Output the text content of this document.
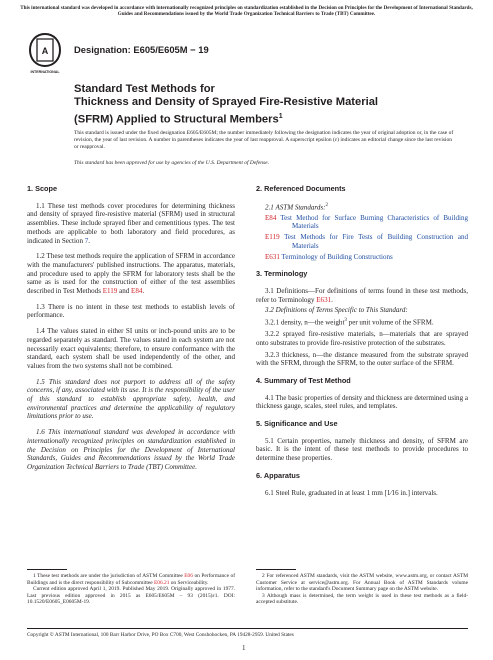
This international standard was developed in accordance with internationally recognized principles on standardization established in the Decision on Principles for the Development of International Standards, Guides and Recommendations issued by the World Trade Organization Technical Barriers to Trade (TBT) Committee.
A
INTERNATIONAL
Designation: E605/E605M − 19
Standard Test Methods for
Thickness and Density of Sprayed Fire-Resistive Material
(SFRM) Applied to Structural Members$^1$
This standard is issued under the fixed designation E605/E605M; the number immediately following the designation indicates the year of original adoption or, in the case of revision, the year of last revision. A number in parentheses indicates the year of last reapproval. A superscript epsilon (ε) indicates an editorial change since the last revision or reapproval.
This standard has been approved for use by agencies of the U.S. Department of Defense.
1. Scope

1.1 These test methods cover procedures for determining thickness and density of sprayed fire-resistive material (SFRM) used in structural assemblies. These include sprayed fiber and cementitious types. The test methods are applicable to both laboratory and field procedures, as indicated in Section 7.

1.2 These test methods require the application of SFRM in accordance with the manufacturers' published instructions. The apparatus, materials, and procedure used to apply the SFRM for laboratory tests shall be the same as is used for the construction of either of the test assemblies described in Test Methods E119 and E84.

1.3 There is no intent in these test methods to establish levels of performance.

1.4 The values stated in either SI units or inch-pound units are to be regarded separately as standard. The values stated in each system are not necessarily exact equivalents; therefore, to ensure conformance with the standard, each system shall be used independently of the other, and values from the two systems shall not be combined.

1.5 This standard does not purport to address all of the safety concerns, if any, associated with its use. It is the responsibility of the user of this standard to establish appropriate safety, health, and environmental practices and determine the applicability of regulatory limitations prior to use.

1.6 This international standard was developed in accordance with internationally recognized principles on standardization established in the Decision on Principles for the Development of International Standards, Guides and Recommendations issued by the World Trade Organization Technical Barriers to Trade (TBT) Committee.

2. Referenced Documents

2.1 ASTM Standards:$^2$

E84 Test Method for Surface Burning Characteristics of Building Materials
E119 Test Methods for Fire Tests of Building Construction and Materials
E631 Terminology of Building Constructions
3. Terminology

3.1 Definitions—For definitions of terms found in these test methods, refer to Terminology E631.

3.2 Definitions of Terms Specific to This Standard:

3.2.1 density, n—the weight$^3$ per unit volume of the SFRM.

3.2.2 sprayed fire-resistive materials, n—materials that are sprayed onto substrates to provide fire-resistive protection of the substrates.

3.2.3 thickness, n—the distance measured from the substrate sprayed with the SFRM, through the SFRM, to the outer surface of the SFRM.

4. Summary of Test Method

4.1 The basic properties of density and thickness are determined using a thickness gauge, scales, steel rules, and templates.

5. Significance and Use

5.1 Certain properties, namely thickness and density, of SFRM are basic. It is the intent of these test methods to provide procedures to determine these properties.

6. Apparatus

6.1 Steel Rule, graduated in at least 1 mm [1⁄16 in.] intervals.

1 These test methods are under the jurisdiction of ASTM Committee E06 on Performance of Buildings and is the direct responsibility of Subcommittee E06.21 on Serviceability.

Current edition approved April 1, 2019. Published May 2019. Originally approved in 1977. Last previous edition approved in 2015 as E605/E605M – 93 (2015)ε1. DOI: 10.1520/E0605_E0605M-19.

2 For referenced ASTM standards, visit the ASTM website, www.astm.org, or contact ASTM Customer Service at service@astm.org. For Annual Book of ASTM Standards volume information, refer to the standard's Document Summary page on the ASTM website.

3 Although mass is determined, the term weight is used in these test methods as a field-accepted substitute.

Copyright © ASTM International, 100 Barr Harbor Drive, PO Box C700, West Conshohocken, PA 19428-2959. United States
1
